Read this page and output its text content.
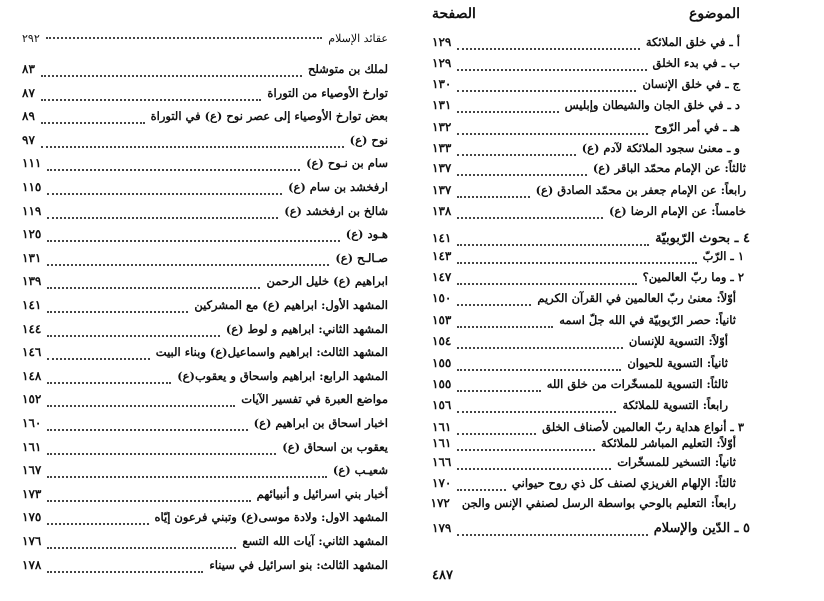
عقائد الإسلام
٢٩٢
لملك بن متوشلح
٨٣
توارخ الأوصياء من التوراة
٨٧
بعض توارخ الأوصياء إلى عصر نوح (ع) في التوراة
٨٩
نوح (ع)
٩٧
سام بن نـوح (ع)
١١١
ارفخشد بن سام (ع)
١١٥
شالخ بن ارفخشد (ع)
١١٩
هـود (ع)
١٢٥
صـالـح (ع)
١٣١
ابراهيم (ع) خليل الرحمن
١٣٩
المشهد الأول: ابراهيم (ع) مع المشركين
١٤١
المشهد الثاني: ابراهيم و لوط (ع)
١٤٤
المشهد الثالث: ابراهيم واسماعيل(ع) وبناء البيت
١٤٦
المشهد الرابع: ابراهيم واسحاق و يعقوب(ع)
١٤٨
مواضع العبرة في تفسير الآيات
١٥٢
اخبار اسحاق بن ابراهيم (ع)
١٦٠
يعقوب بن اسحاق (ع)
١٦١
شعيـب (ع)
١٦٧
أخبار بني اسرائيل و أنبيائهم
١٧٣
المشهد الاول: ولادة موسى(ع) وتبني فرعون إيّاه
١٧٥
المشهد الثاني: آيات الله التسع
١٧٦
المشهد الثالث: بنو اسرائيل في سيناء
١٧٨
الموضوع
الصفحة
أ ـ في خلق الملائكة
١٢٩
ب ـ في بدء الخلق
١٢٩
ج ـ في خلق الإنسان
١٣٠
د ـ في خلق الجان والشيطان وإبليس
١٣١
هـ ـ في أمر الرّوح
١٣٢
و ـ معنىٰ سجود الملائكة لآدم (ع)
١٣٣
ثالثاً: عن الإمام محمّد الباقر (ع)
١٣٧
رابعاً: عن الإمام جعفر بن محمّد الصادق (ع)
١٣٧
خامساً: عن الإمام الرضا (ع)
١٣٨
٤ ـ بحوث الرّبوبيّة
١٤١
١ ـ الرّبّ
١٤٣
٢ ـ وما ربّ العالمين؟
١٤٧
أوّلاً: معنىٰ ربّ العالمين في القرآن الكريم
١٥٠
ثانياً: حصر الرّبوبيّة في الله جلّ اسمه
١٥٣
أوّلاً: التسوية للإنسان
١٥٤
ثانياً: التسوية للحيوان
١٥٥
ثالثاً: التسوية للمسخّرات من خلق الله
١٥٥
رابعاً: التسوية للملائكة
١٥٦
٣ ـ أنواع هداية ربّ العالمين لأصناف الخلق
١٦١
أوّلاً: التعليم المباشر للملائكة
١٦١
ثانياً: التسخير للمسخّرات
١٦٦
ثالثاً: الإلهام الغريزي لصنف كل ذي روح حيواني
١٧٠
رابعاً: التعليم بالوحي بواسطة الرسل لصنفي الإنس والجن
١٧٢
٥ ـ الدّين والإسلام
١٧٩
٤٨٧
